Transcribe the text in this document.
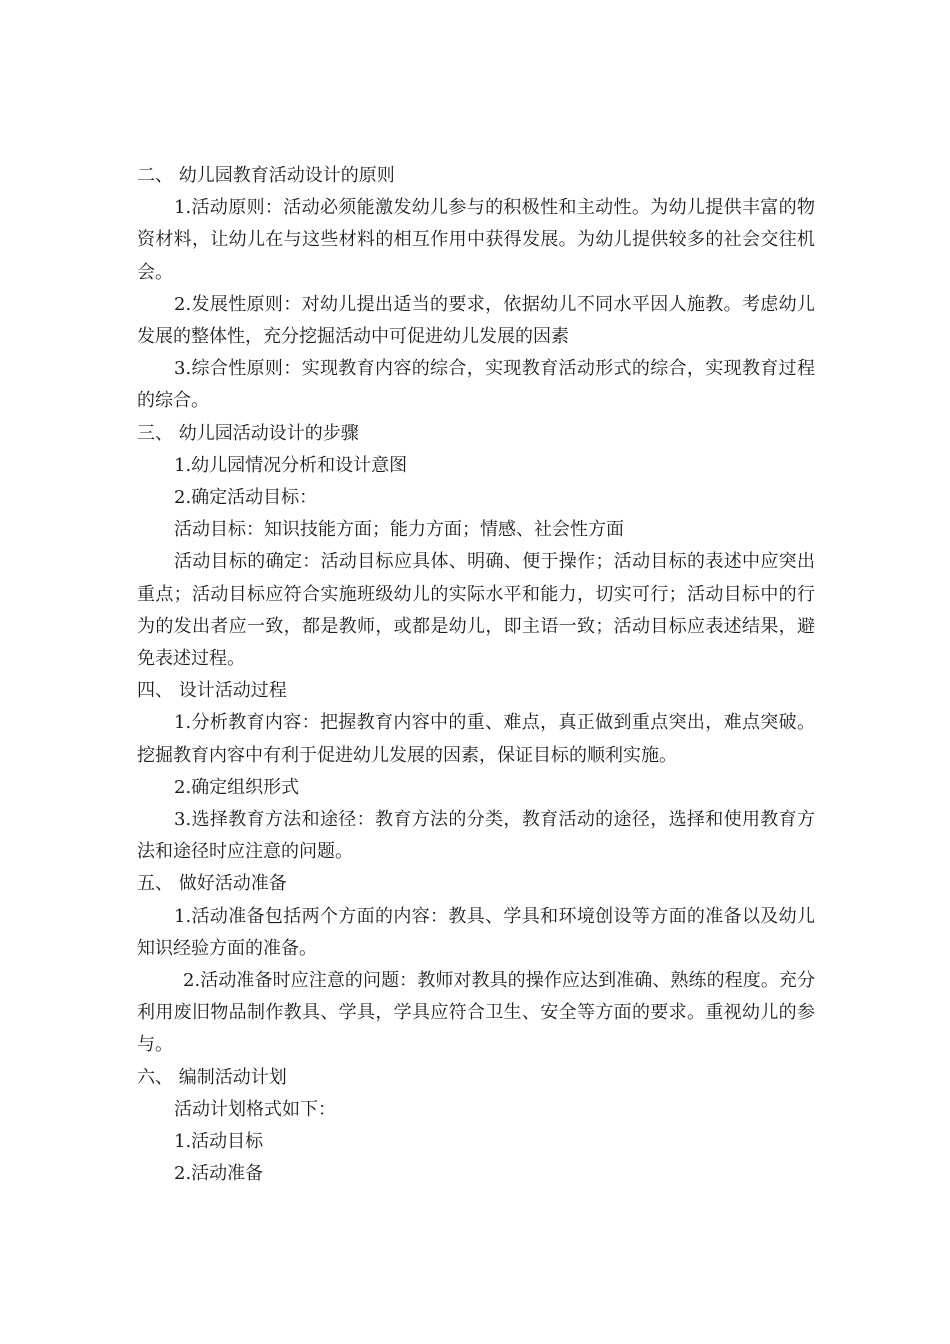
二、 幼儿园教育活动设计的原则
1.活动原则：活动必须能激发幼儿参与的积极性和主动性。为幼儿提供丰富的物资材料，让幼儿在与这些材料的相互作用中获得发展。为幼儿提供较多的社会交往机会。
2.发展性原则：对幼儿提出适当的要求，依据幼儿不同水平因人施教。考虑幼儿发展的整体性，充分挖掘活动中可促进幼儿发展的因素
3.综合性原则：实现教育内容的综合，实现教育活动形式的综合，实现教育过程的综合。
三、 幼儿园活动设计的步骤
1.幼儿园情况分析和设计意图
2.确定活动目标：
活动目标：知识技能方面；能力方面；情感、社会性方面
活动目标的确定：活动目标应具体、明确、便于操作；活动目标的表述中应突出重点；活动目标应符合实施班级幼儿的实际水平和能力，切实可行；活动目标中的行为的发出者应一致，都是教师，或都是幼儿，即主语一致；活动目标应表述结果，避免表述过程。
四、 设计活动过程
1.分析教育内容：把握教育内容中的重、难点，真正做到重点突出，难点突破。挖掘教育内容中有利于促进幼儿发展的因素，保证目标的顺利实施。
2.确定组织形式
3.选择教育方法和途径：教育方法的分类，教育活动的途径，选择和使用教育方法和途径时应注意的问题。
五、 做好活动准备
1.活动准备包括两个方面的内容：教具、学具和环境创设等方面的准备以及幼儿知识经验方面的准备。
2.活动准备时应注意的问题：教师对教具的操作应达到准确、熟练的程度。充分利用废旧物品制作教具、学具，学具应符合卫生、安全等方面的要求。重视幼儿的参与。
六、 编制活动计划
活动计划格式如下：
1.活动目标
2.活动准备
